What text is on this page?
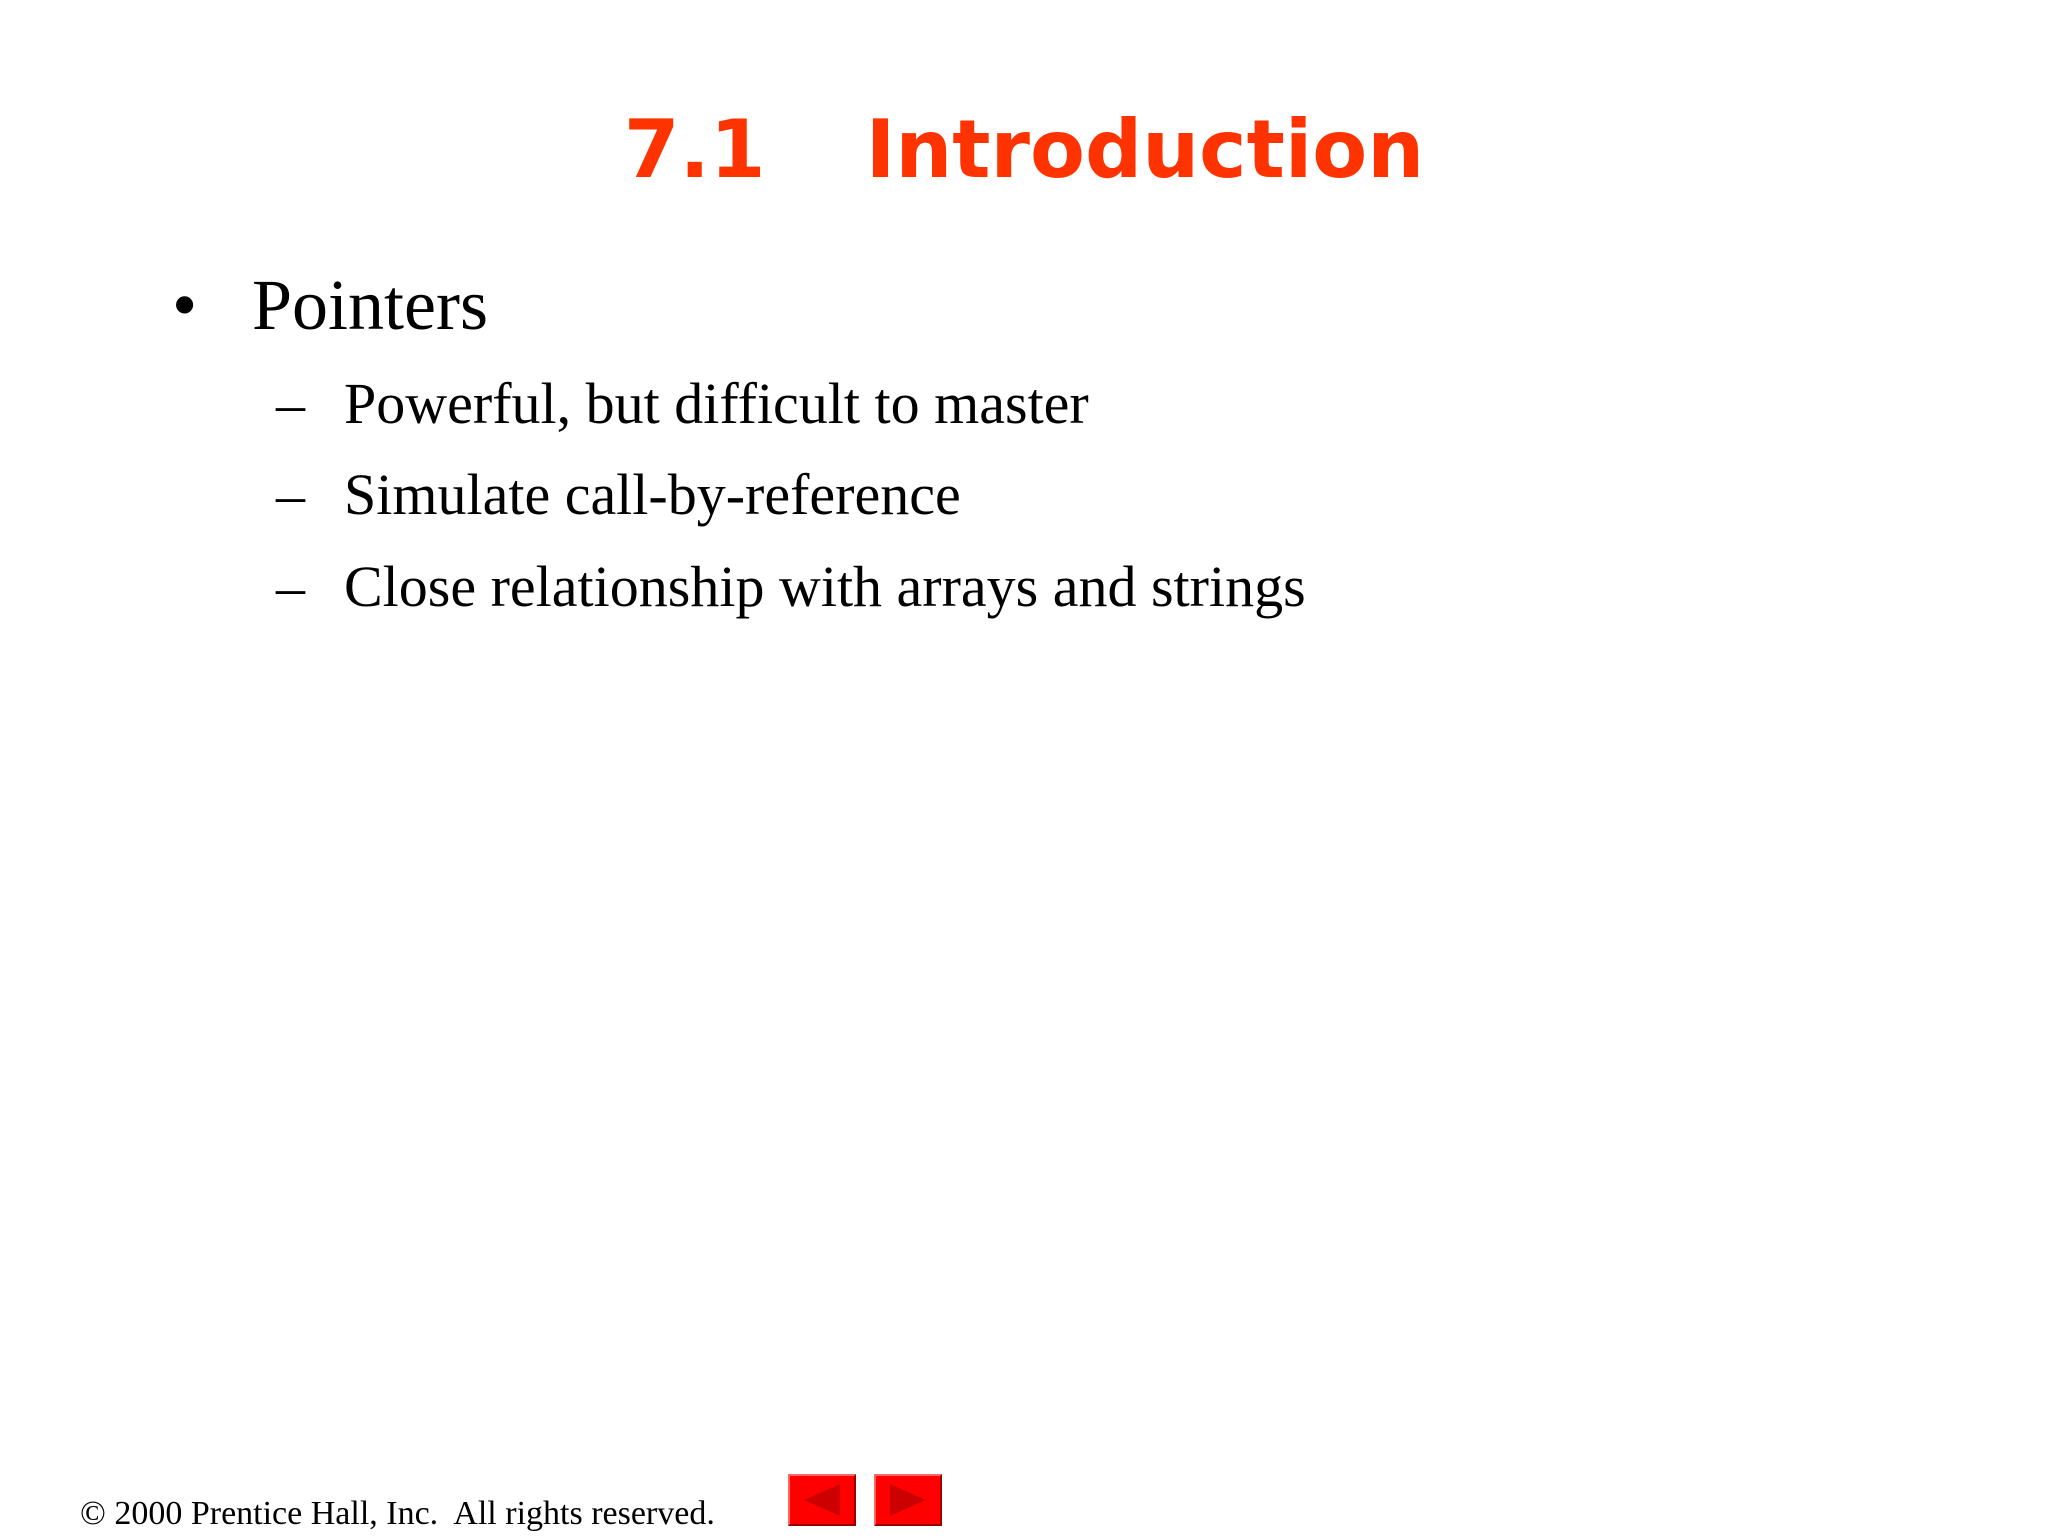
7.1 Introduction
• Pointers
– Powerful, but difficult to master
– Simulate call-by-reference
– Close relationship with arrays and strings
© 2000 Prentice Hall, Inc.  All rights reserved.
